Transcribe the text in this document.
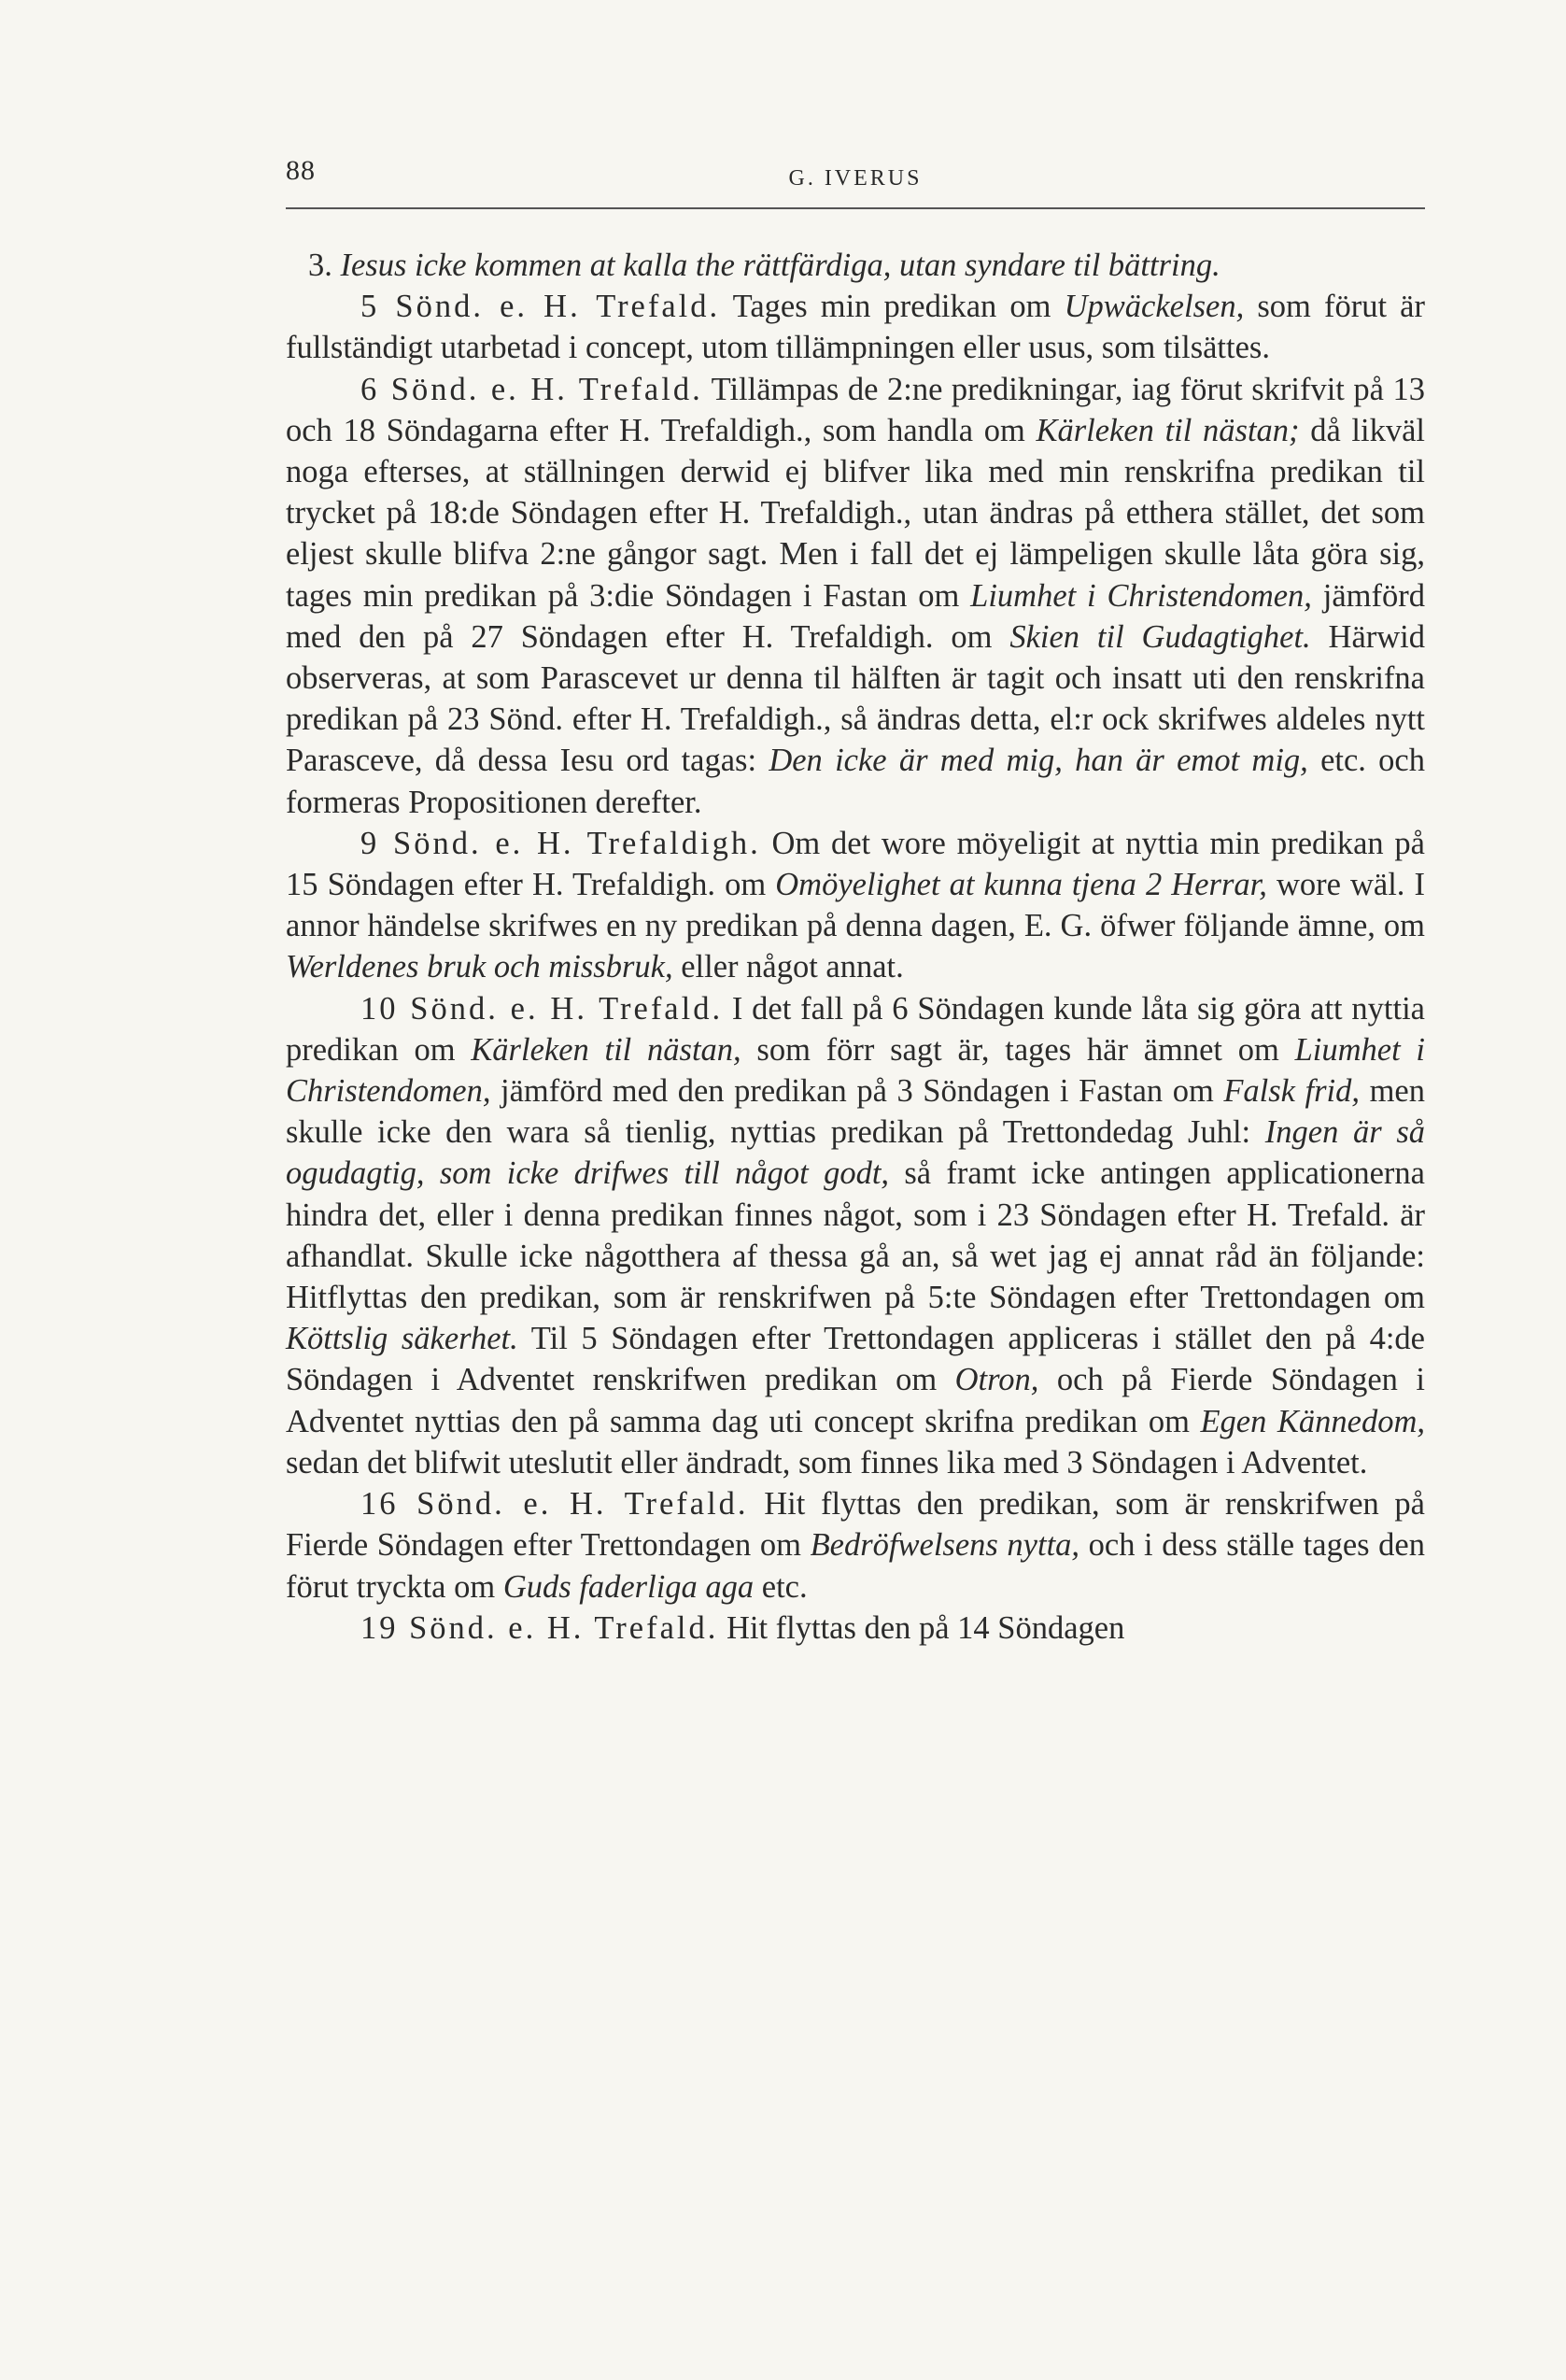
88	G. IVERUS

3. Iesus icke kommen at kalla the rättfärdiga, utan syndare til bättring.

5 Sönd. e. H. Trefald. Tages min predikan om Upwäckelsen, som förut är fullständigt utarbetad i concept, utom tillämpningen eller usus, som tilsättes.

6 Sönd. e. H. Trefald. Tillämpas de 2:ne predikningar, iag förut skrifvit på 13 och 18 Söndagarna efter H. Trefaldigh., som handla om Kärleken til nästan; då likväl noga efterses, at ställningen derwid ej blifver lika med min renskrifna predikan til trycket på 18:de Söndagen efter H. Trefaldigh., utan ändras på etthera stället, det som eljest skulle blifva 2:ne gångor sagt. Men i fall det ej lämpeligen skulle låta göra sig, tages min predikan på 3:die Söndagen i Fastan om Liumhet i Christendomen, jämförd med den på 27 Söndagen efter H. Trefaldigh. om Skien til Gudagtighet. Härwid observeras, at som Parascevet ur denna til hälften är tagit och insatt uti den renskrifna predikan på 23 Sönd. efter H. Trefaldigh., så ändras detta, el:r ock skrifwes aldeles nytt Parasceve, då dessa Iesu ord tagas: Den icke är med mig, han är emot mig, etc. och formeras Propositionen derefter.

9 Sönd. e. H. Trefaldigh. Om det wore möyeligit at nyttia min predikan på 15 Söndagen efter H. Trefaldigh. om Omöyelighet at kunna tjena 2 Herrar, wore wäl. I annor händelse skrifwes en ny predikan på denna dagen, E. G. öfwer följande ämne, om Werldenes bruk och missbruk, eller något annat.

10 Sönd. e. H. Trefald. I det fall på 6 Söndagen kunde låta sig göra att nyttia predikan om Kärleken til nästan, som förr sagt är, tages här ämnet om Liumhet i Christendomen, jämförd med den predikan på 3 Söndagen i Fastan om Falsk frid, men skulle icke den wara så tienlig, nyttias predikan på Trettondedag Juhl: Ingen är så ogudagtig, som icke drifwes till något godt, så framt icke antingen applicationerna hindra det, eller i denna predikan finnes något, som i 23 Söndagen efter H. Trefald. är afhandlat. Skulle icke någotthera af thessa gå an, så wet jag ej annat råd än följande: Hitflyttas den predikan, som är renskrifwen på 5:te Söndagen efter Trettondagen om Köttslig säkerhet. Til 5 Söndagen efter Trettondagen appliceras i stället den på 4:de Söndagen i Adventet renskrifwen predikan om Otron, och på Fierde Söndagen i Adventet nyttias den på samma dag uti concept skrifna predikan om Egen Kännedom, sedan det blifwit uteslutit eller ändradt, som finnes lika med 3 Söndagen i Adventet.

16 Sönd. e. H. Trefald. Hit flyttas den predikan, som är renskrifwen på Fierde Söndagen efter Trettondagen om Bedröfwelsens nytta, och i dess ställe tages den förut tryckta om Guds faderliga aga etc.

19 Sönd. e. H. Trefald. Hit flyttas den på 14 Söndagen
